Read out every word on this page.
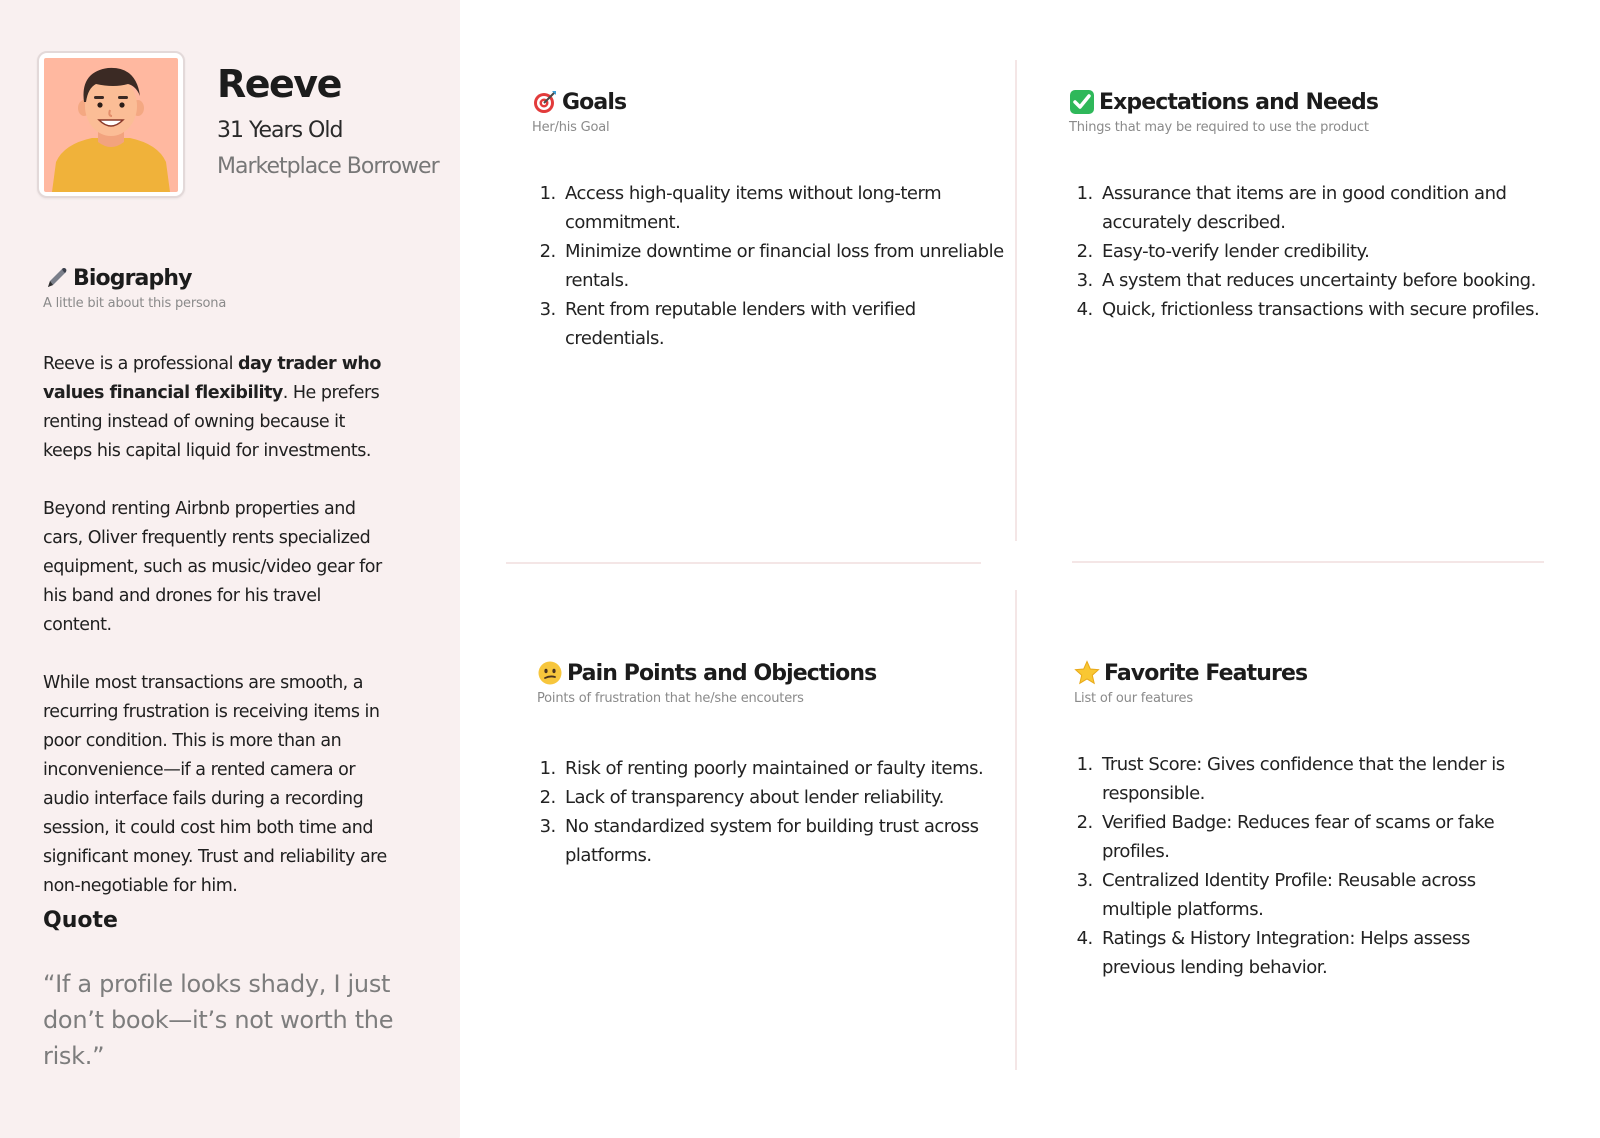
Reeve
31 Years Old
Marketplace Borrower
Biography
A little bit about this persona

Reeve is a professional day trader who values financial flexibility. He prefers renting instead of owning because it keeps his capital liquid for investments.

Beyond renting Airbnb properties and cars, Oliver frequently rents specialized equipment, such as music/video gear for his band and drones for his travel content.

While most transactions are smooth, a recurring frustration is receiving items in poor condition. This is more than an inconvenience—if a rented camera or audio interface fails during a recording session, it could cost him both time and significant money. Trust and reliability are non-negotiable for him.

Quote
“If a profile looks shady, I just don’t book—it’s not worth the risk.”
Goals
Her/his Goal
1. Access high-quality items without long-term commitment.
2. Minimize downtime or financial loss from unreliable rentals.
3. Rent from reputable lenders with verified credentials.
Expectations and Needs
Things that may be required to use the product
1. Assurance that items are in good condition and accurately described.
2. Easy-to-verify lender credibility.
3. A system that reduces uncertainty before booking.
4. Quick, frictionless transactions with secure profiles.
Pain Points and Objections
Points of frustration that he/she encouters
1. Risk of renting poorly maintained or faulty items.
2. Lack of transparency about lender reliability.
3. No standardized system for building trust across platforms.
Favorite Features
List of our features
1. Trust Score: Gives confidence that the lender is responsible.
2. Verified Badge: Reduces fear of scams or fake profiles.
3. Centralized Identity Profile: Reusable across multiple platforms.
4. Ratings & History Integration: Helps assess previous lending behavior.
